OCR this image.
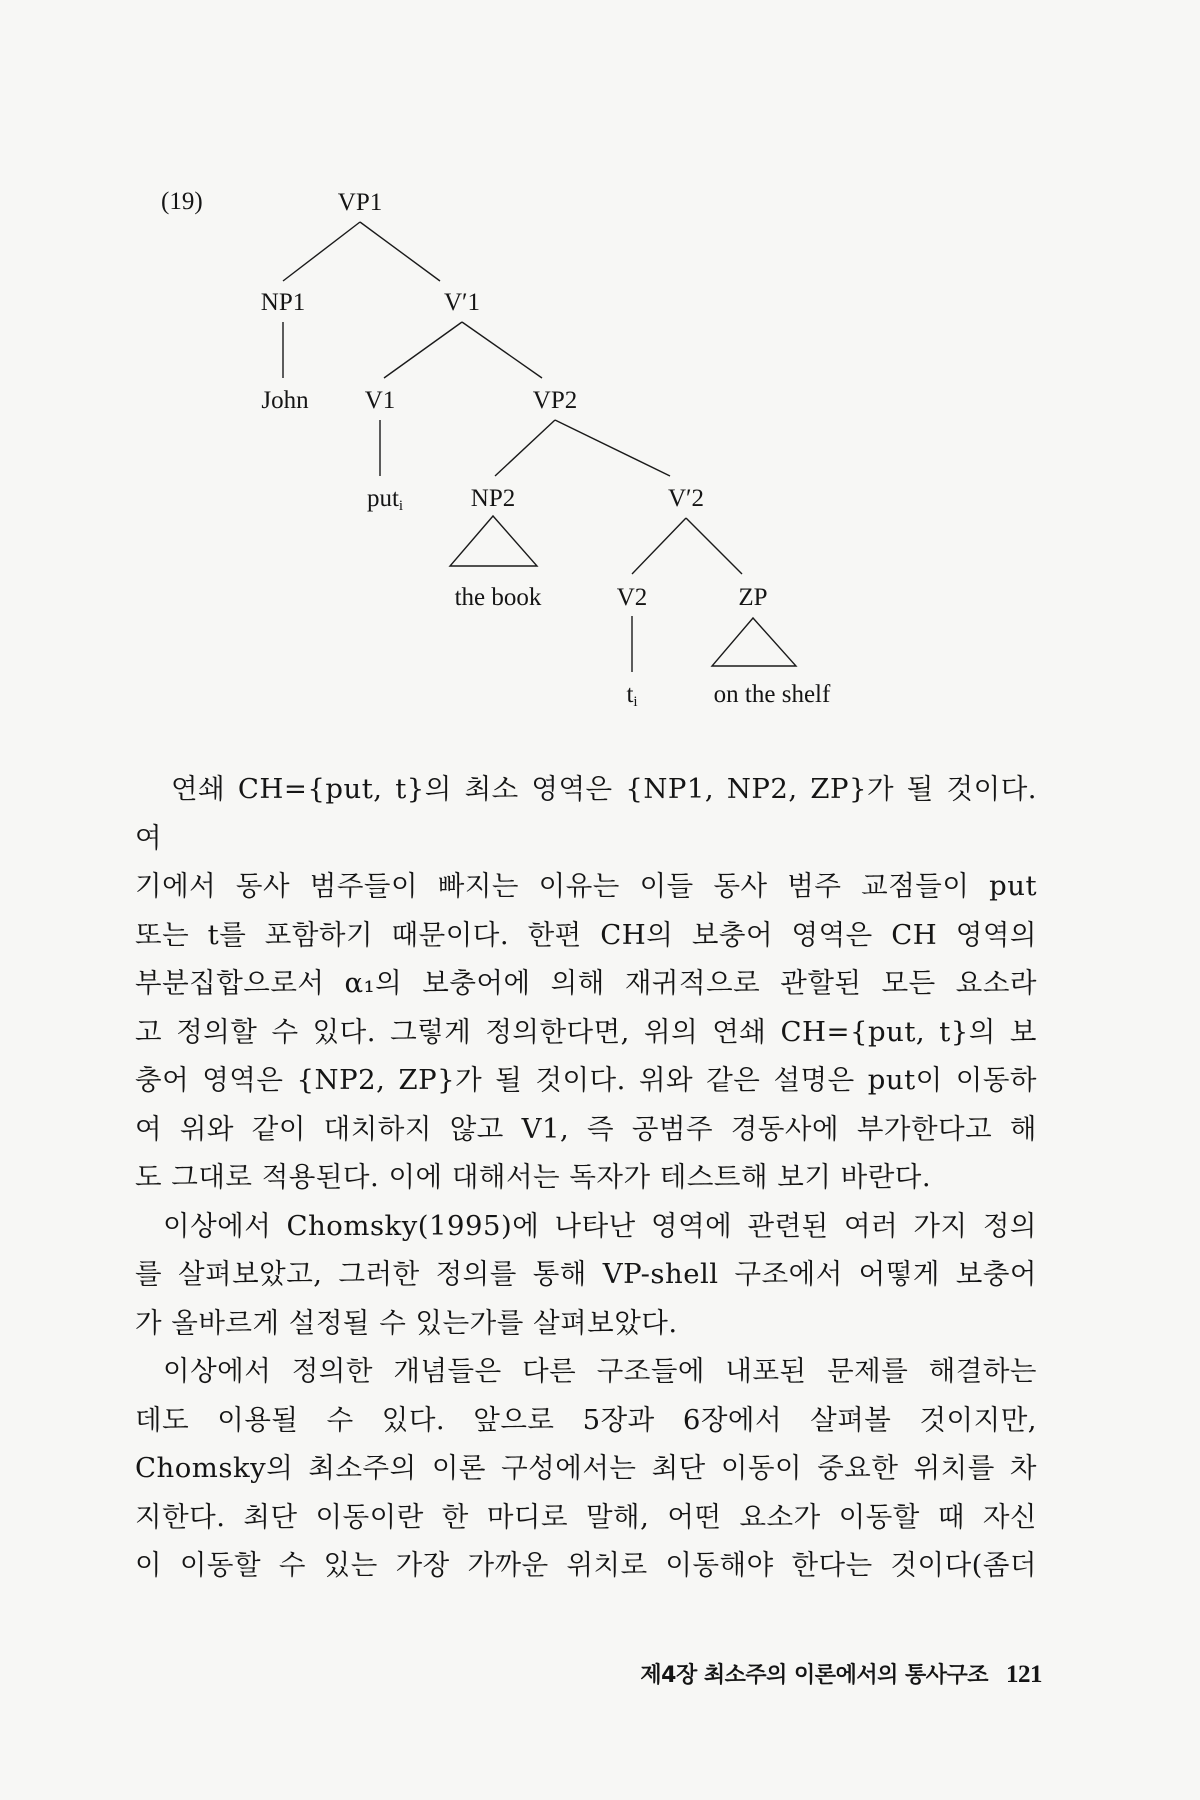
(19)	VP1
NP1	V′1
John V1	VP2
put$_i$	NP2	V′2
the book	V2	ZP
$t_i$	on the shelf

연쇄 CH={put, t}의 최소 영역은 {NP1, NP2, ZP}가 될 것이다. 여

기에서 동사 범주들이 빠지는 이유는 이들 동사 범주 교점들이 put

또는 t를 포함하기 때문이다. 한편 CH의 보충어 영역은 CH 영역의

부분집합으로서 α₁의 보충어에 의해 재귀적으로 관할된 모든 요소라

고 정의할 수 있다. 그렇게 정의한다면, 위의 연쇄 CH={put, t}의 보

충어 영역은 {NP2, ZP}가 될 것이다. 위와 같은 설명은 put이 이동하

여 위와 같이 대치하지 않고 V1, 즉 공범주 경동사에 부가한다고 해

도 그대로 적용된다. 이에 대해서는 독자가 테스트해 보기 바란다.

이상에서 Chomsky(1995)에 나타난 영역에 관련된 여러 가지 정의

를 살펴보았고, 그러한 정의를 통해 VP-shell 구조에서 어떻게 보충어

가 올바르게 설정될 수 있는가를 살펴보았다.

이상에서 정의한 개념들은 다른 구조들에 내포된 문제를 해결하는

데도 이용될 수 있다. 앞으로 5장과 6장에서 살펴볼 것이지만,

Chomsky의 최소주의 이론 구성에서는 최단 이동이 중요한 위치를 차

지한다. 최단 이동이란 한 마디로 말해, 어떤 요소가 이동할 때 자신

이 이동할 수 있는 가장 가까운 위치로 이동해야 한다는 것이다(좀더

제4장 최소주의 이론에서의 통사구조 121
